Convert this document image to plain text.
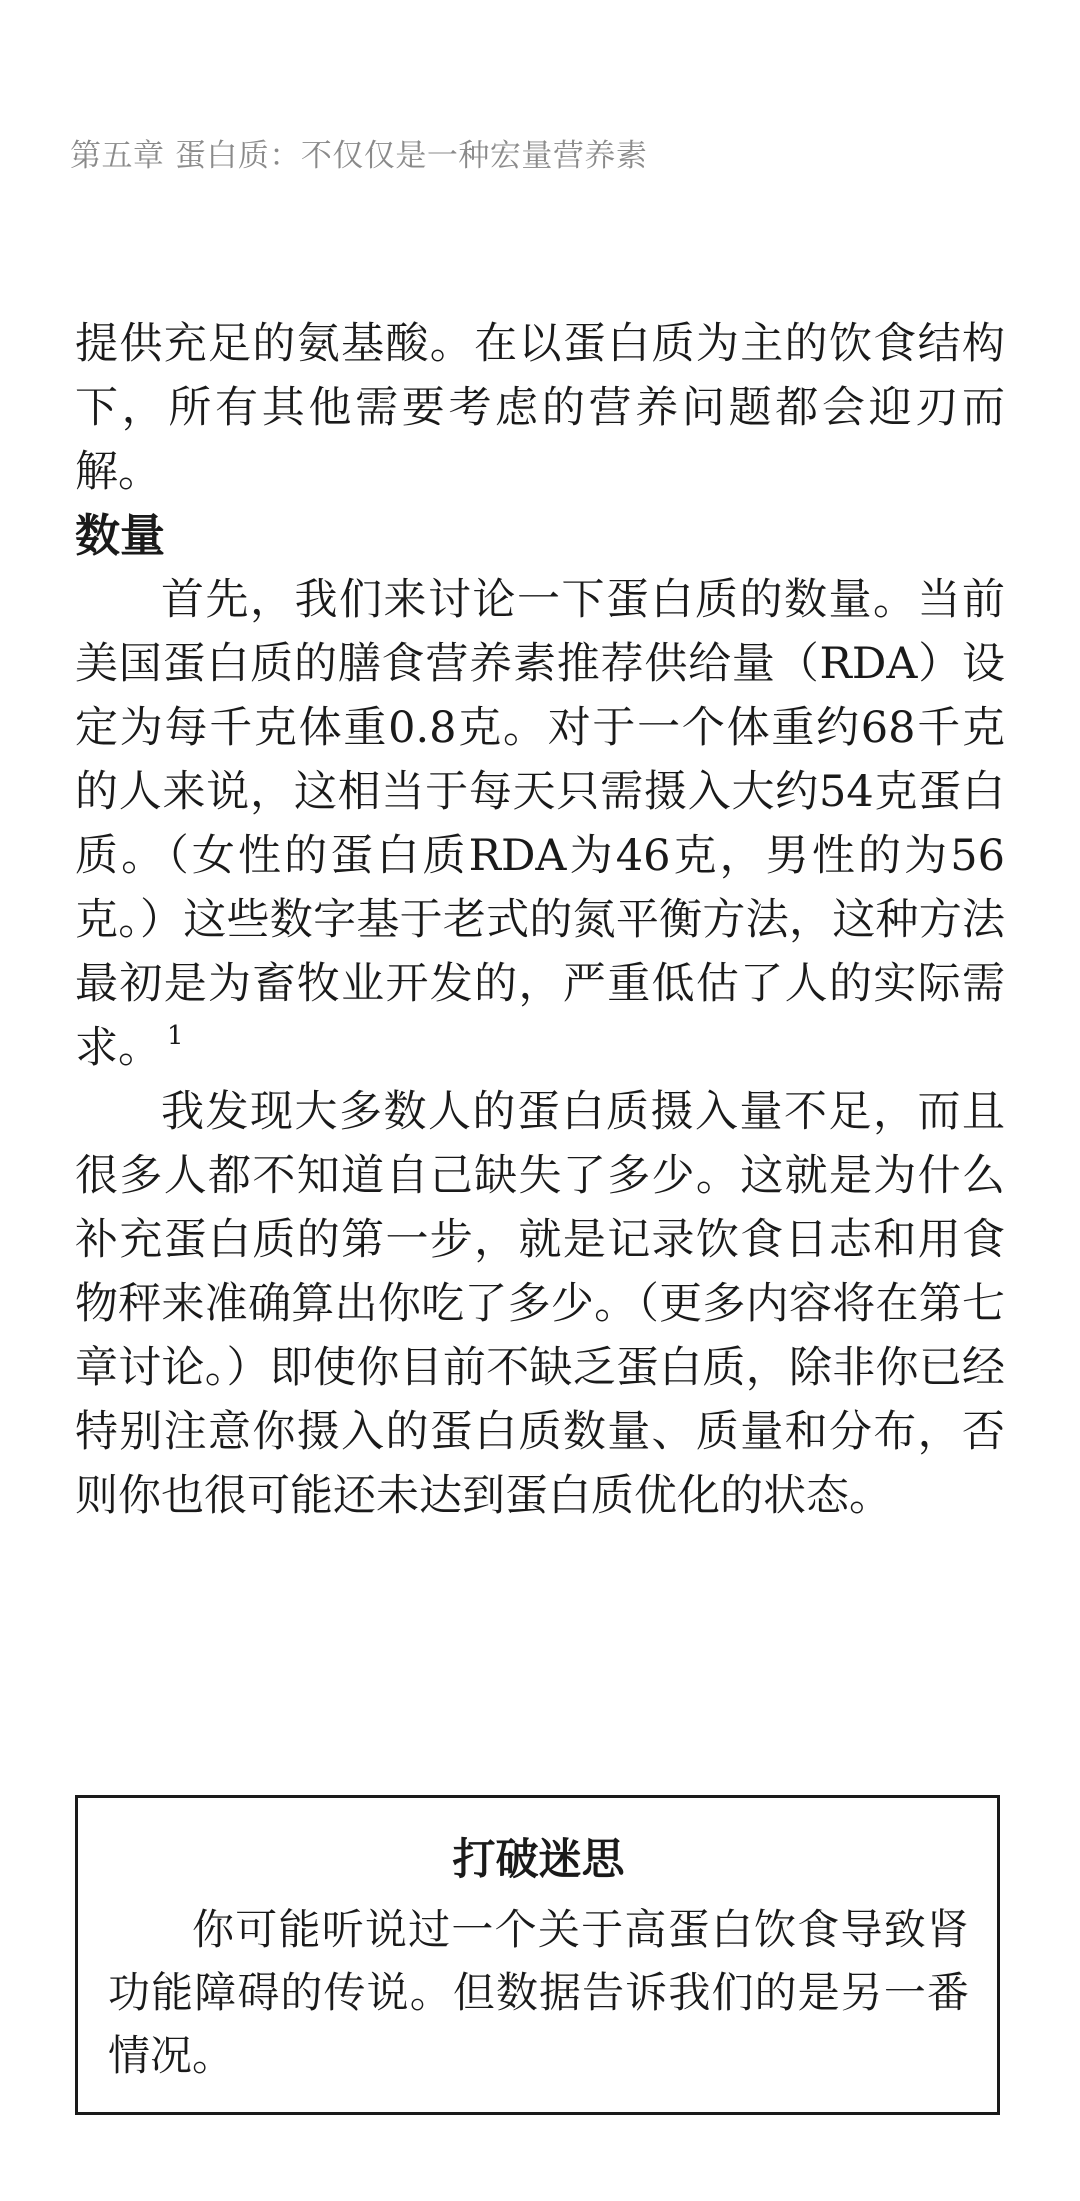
第五章 蛋白质：不仅仅是一种宏量营养素

提供充足的氨基酸。在以蛋白质为主的饮食结构下，所有其他需要考虑的营养问题都会迎刃而解。

数量

首先，我们来讨论一下蛋白质的数量。当前美国蛋白质的膳食营养素推荐供给量（RDA）设定为每千克体重0.8克。对于一个体重约68千克的人来说，这相当于每天只需摄入大约54克蛋白质。（女性的蛋白质RDA为46克，男性的为56克。）这些数字基于老式的氮平衡方法，这种方法最初是为畜牧业开发的，严重低估了人的实际需求。 $^1$

我发现大多数人的蛋白质摄入量不足，而且很多人都不知道自己缺失了多少。这就是为什么补充蛋白质的第一步，就是记录饮食日志和用食物秤来准确算出你吃了多少。（更多内容将在第七章讨论。）即使你目前不缺乏蛋白质，除非你已经特别注意你摄入的蛋白质数量、质量和分布，否则你也很可能还未达到蛋白质优化的状态。

打破迷思

你可能听说过一个关于高蛋白饮食导致肾功能障碍的传说。但数据告诉我们的是另一番情况。
